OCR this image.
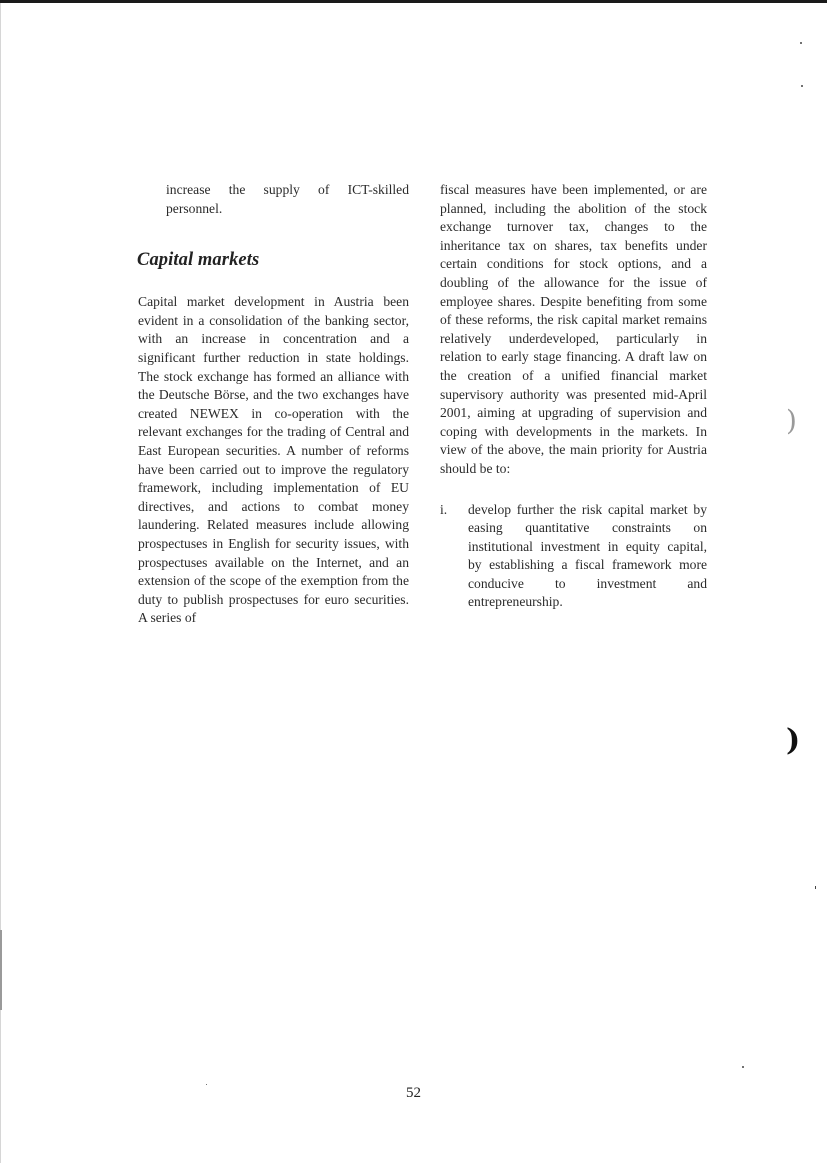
increase the supply of ICT-skilled personnel.

Capital markets

Capital market development in Austria been evident in a consolidation of the banking sector, with an increase in concentration and a significant further reduction in state holdings. The stock exchange has formed an alliance with the Deutsche Börse, and the two exchanges have created NEWEX in co-operation with the relevant exchanges for the trading of Central and East European securities. A number of reforms have been carried out to improve the regulatory framework, including implementation of EU directives, and actions to combat money laundering. Related measures include allowing prospectuses in English for security issues, with prospectuses available on the Internet, and an extension of the scope of the exemption from the duty to publish prospectuses for euro securities. A series of

fiscal measures have been implemented, or are planned, including the abolition of the stock exchange turnover tax, changes to the inheritance tax on shares, tax benefits under certain conditions for stock options, and a doubling of the allowance for the issue of employee shares. Despite benefiting from some of these reforms, the risk capital market remains relatively underdeveloped, particularly in relation to early stage financing. A draft law on the creation of a unified financial market supervisory authority was presented mid-April 2001, aiming at upgrading of supervision and coping with developments in the markets. In view of the above, the main priority for Austria should be to:

i.	develop further the risk capital market by easing quantitative constraints on institutional investment in equity capital, by establishing a fiscal framework more conducive to investment and entrepreneurship.
52
)
)
